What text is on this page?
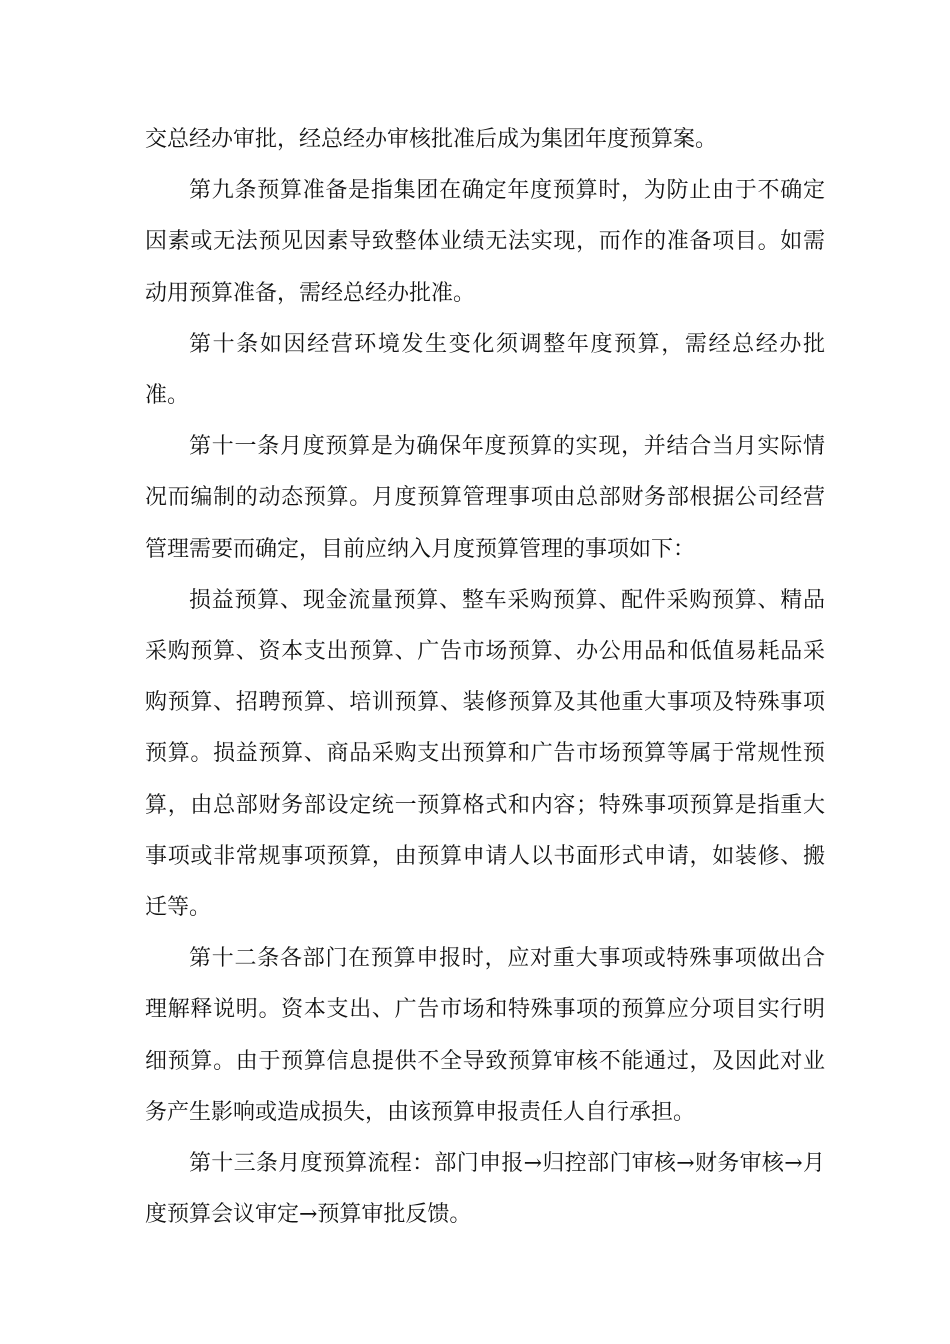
交总经办审批，经总经办审核批准后成为集团年度预算案。

第九条预算准备是指集团在确定年度预算时，为防止由于不确定因素或无法预见因素导致整体业绩无法实现，而作的准备项目。如需动用预算准备，需经总经办批准。

第十条如因经营环境发生变化须调整年度预算，需经总经办批准。

第十一条月度预算是为确保年度预算的实现，并结合当月实际情况而编制的动态预算。月度预算管理事项由总部财务部根据公司经营管理需要而确定，目前应纳入月度预算管理的事项如下：

损益预算、现金流量预算、整车采购预算、配件采购预算、精品采购预算、资本支出预算、广告市场预算、办公用品和低值易耗品采购预算、招聘预算、培训预算、装修预算及其他重大事项及特殊事项预算。损益预算、商品采购支出预算和广告市场预算等属于常规性预算，由总部财务部设定统一预算格式和内容；特殊事项预算是指重大事项或非常规事项预算，由预算申请人以书面形式申请，如装修、搬迁等。

第十二条各部门在预算申报时，应对重大事项或特殊事项做出合理解释说明。资本支出、广告市场和特殊事项的预算应分项目实行明细预算。由于预算信息提供不全导致预算审核不能通过，及因此对业务产生影响或造成损失，由该预算申报责任人自行承担。

第十三条月度预算流程：部门申报→归控部门审核→财务审核→月度预算会议审定→预算审批反馈。
